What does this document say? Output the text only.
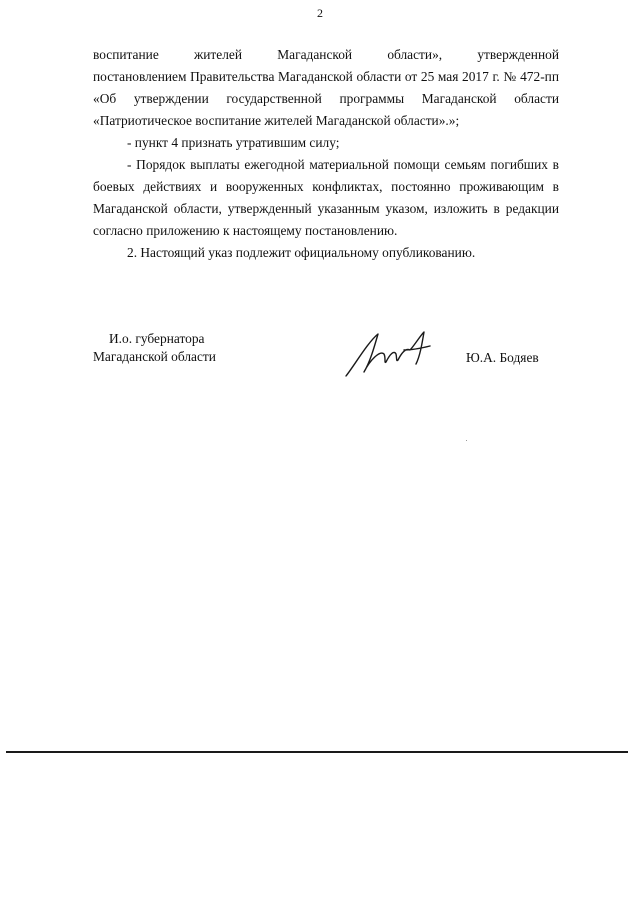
2

воспитание жителей Магаданской области», утвержденной

постановлением Правительства Магаданской области от 25 мая 2017 г. № 472-пп «Об утверждении государственной программы Магаданской области «Патриотическое воспитание жителей Магаданской области».»;

- пункт 4 признать утратившим силу;

- Порядок выплаты ежегодной материальной помощи семьям погибших в боевых действиях и вооруженных конфликтах, постоянно проживающим в Магаданской области, утвержденный указанным указом, изложить в редакции согласно приложению к настоящему постановлению.

2. Настоящий указ подлежит официальному опубликованию.

И.о. губернатора
Магаданской области	Ю.А. Бодяев
